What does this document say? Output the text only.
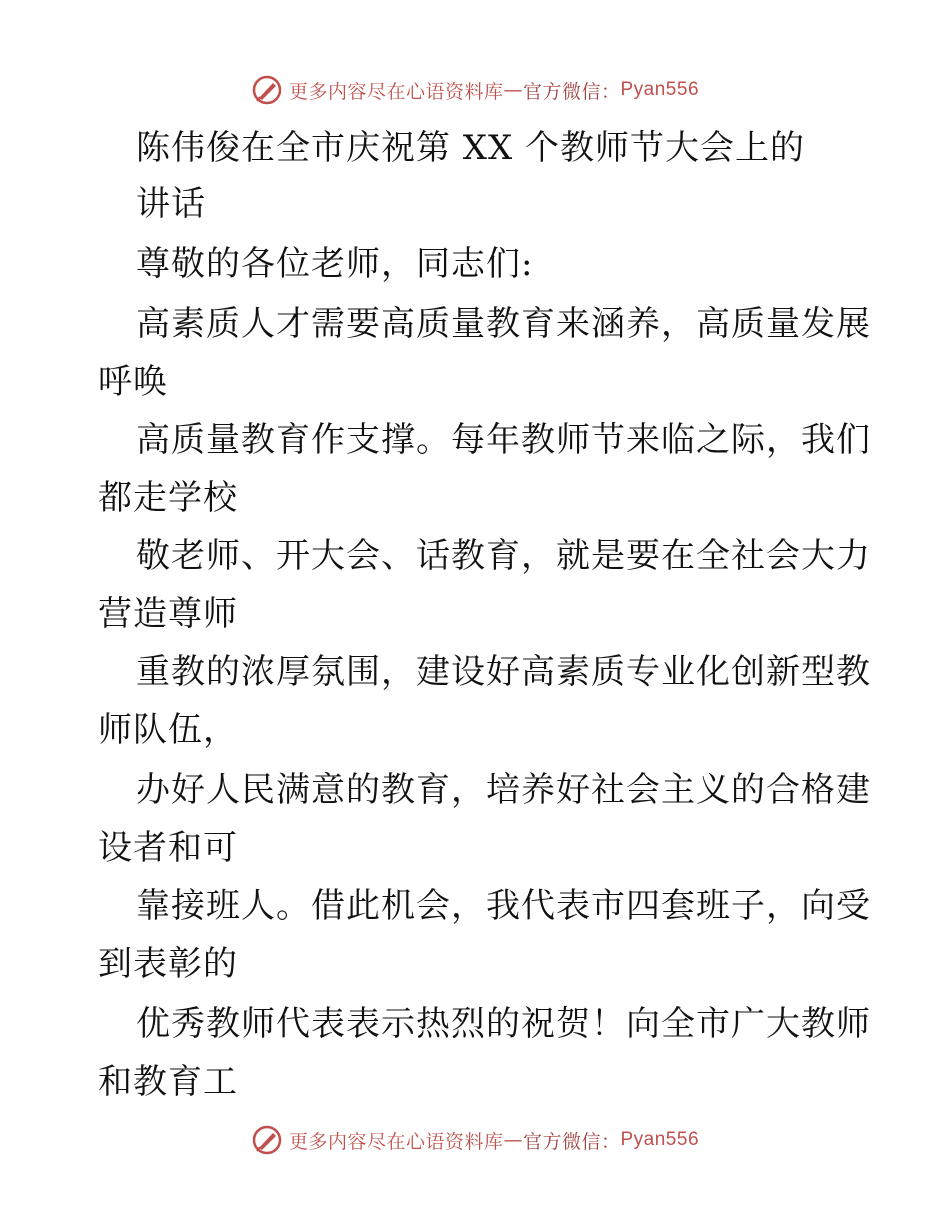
更多内容尽在心语资料库 — 官方微信： Pyan556
陈伟俊在全市庆祝第 XX 个教师节大会上的
讲话
尊敬的各位老师，同志们:
高素质人才需要高质量教育来涵养，高质量发展
呼唤
高质量教育作支撑。每年教师节来临之际，我们
都走学校
敬老师、开大会、话教育，就是要在全社会大力
营造尊师
重教的浓厚氛围，建设好高素质专业化创新型教
师队伍，
办好人民满意的教育，培养好社会主义的合格建
设者和可
靠接班人。借此机会，我代表市四套班子，向受
到表彰的
优秀教师代表表示热烈的祝贺！向全市广大教师
和教育工
更多内容尽在心语资料库 — 官方微信： Pyan556
